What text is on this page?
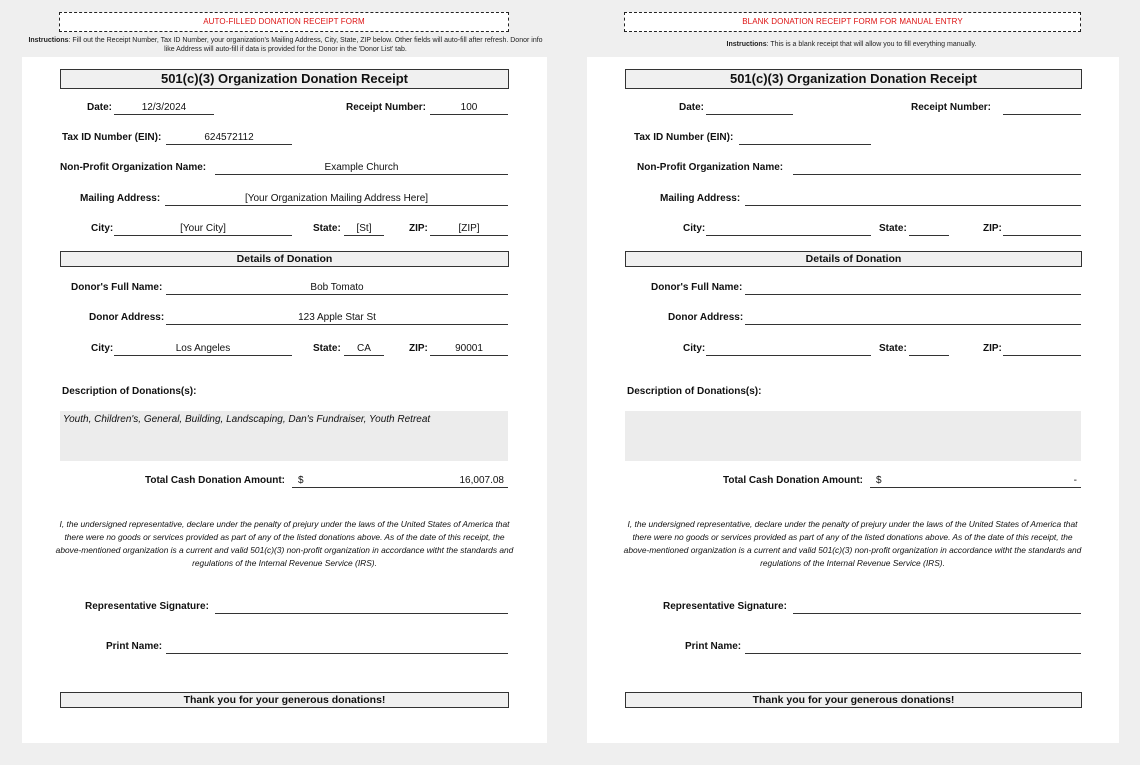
AUTO-FILLED DONATION RECEIPT FORM
Instructions: Fill out the Receipt Number, Tax ID Number, your organization's Mailing Address, City, State, ZIP below. Other fields will auto-fill after refresh. Donor info like Address will auto-fill if data is provided for the Donor in the 'Donor List' tab.
501(c)(3) Organization Donation Receipt
Date:	12/3/2024	Receipt Number:	100
Tax ID Number (EIN):	624572112
Non-Profit Organization Name:	Example Church
Mailing Address:	[Your Organization Mailing Address Here]
City:	[Your City]	State:	[St]	ZIP:	[ZIP]
Details of Donation
Donor's Full Name:	Bob Tomato
Donor Address:	123 Apple Star St
City:	Los Angeles	State:	CA	ZIP:	90001
Description of Donations(s):
Youth, Children's, General, Building, Landscaping, Dan's Fundraiser, Youth Retreat
Total Cash Donation Amount: $	16,007.08
I, the undersigned representative, declare under the penalty of prejury under the laws of the United States of America that there were no goods or services provided as part of any of the listed donations above. As of the date of this receipt, the above-mentioned organization is a current and valid 501(c)(3) non-profit organization in accordance witht the standards and regulations of the Internal Revenue Service (IRS).
Representative Signature:
Print Name:
Thank you for your generous donations!
BLANK DONATION RECEIPT FORM FOR MANUAL ENTRY
Instructions: This is a blank receipt that will allow you to fill everything manually.
501(c)(3) Organization Donation Receipt
Date:	Receipt Number:
Tax ID Number (EIN):
Non-Profit Organization Name:
Mailing Address:
City:	State:	ZIP:
Details of Donation
Donor's Full Name:
Donor Address:
City:	State:	ZIP:
Description of Donations(s):
Total Cash Donation Amount: $	-
I, the undersigned representative, declare under the penalty of prejury under the laws of the United States of America that there were no goods or services provided as part of any of the listed donations above. As of the date of this receipt, the above-mentioned organization is a current and valid 501(c)(3) non-profit organization in accordance witht the standards and regulations of the Internal Revenue Service (IRS).
Representative Signature:
Print Name:
Thank you for your generous donations!
